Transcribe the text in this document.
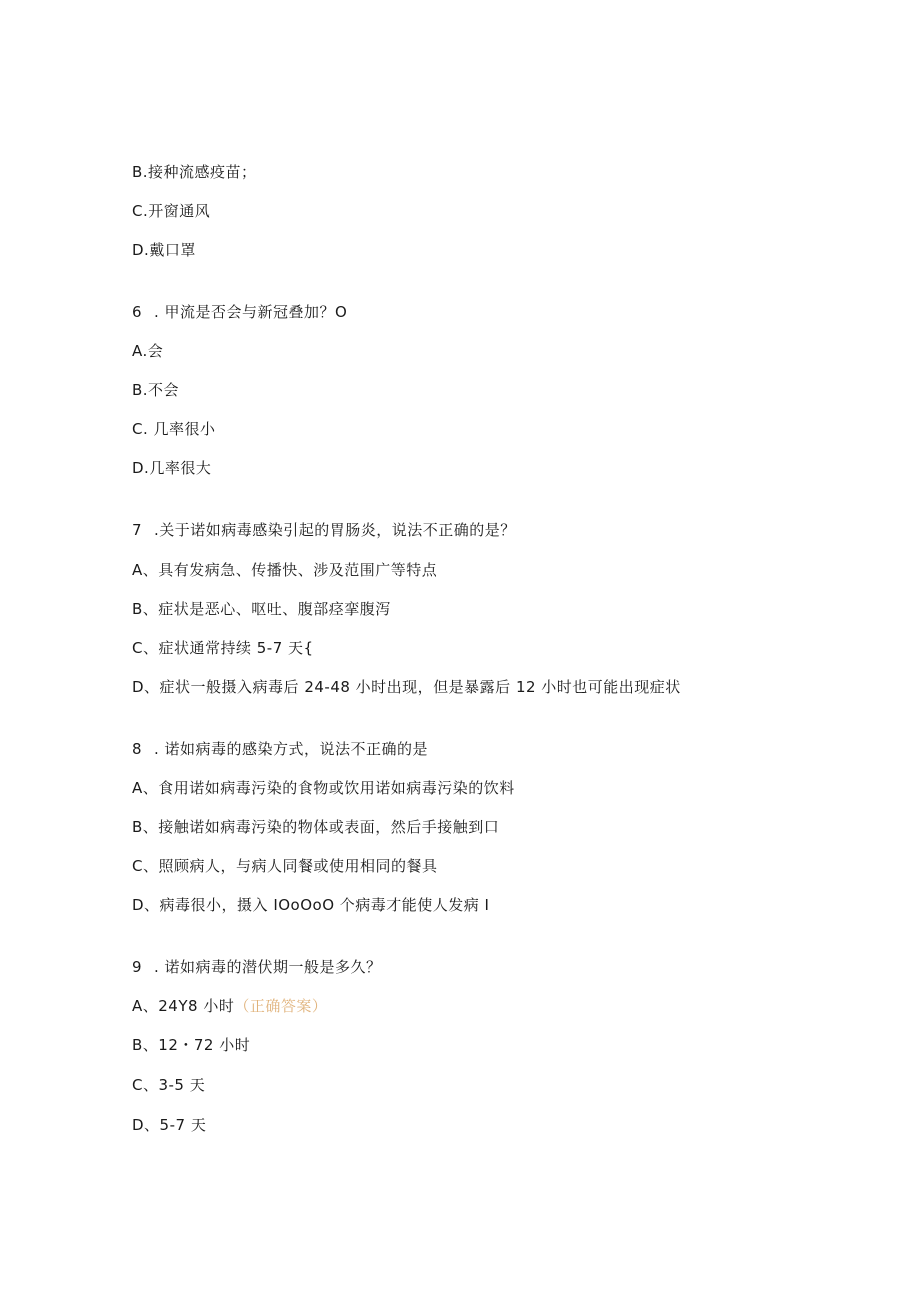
B.接种流感疫苗；
C.开窗通风
D.戴口罩
6 . 甲流是否会与新冠叠加？O
A.会
B.不会
C. 几率很小
D.几率很大
7 .关于诺如病毒感染引起的胃肠炎，说法不正确的是？
A、具有发病急、传播快、涉及范围广等特点
B、症状是恶心、呕吐、腹部痉挛腹泻
C、症状通常持续 5-7 天{
D、症状一般摄入病毒后 24-48 小时出现，但是暴露后 12 小时也可能出现症状
8 . 诺如病毒的感染方式，说法不正确的是
A、食用诺如病毒污染的食物或饮用诺如病毒污染的饮料
B、接触诺如病毒污染的物体或表面，然后手接触到口
C、照顾病人，与病人同餐或使用相同的餐具
D、病毒很小，摄入 IOoOoO 个病毒才能使人发病 I
9 . 诺如病毒的潜伏期一般是多久？
A、24Y8 小时（正确答案）
B、12・72 小时
C、3-5 天
D、5-7 天
